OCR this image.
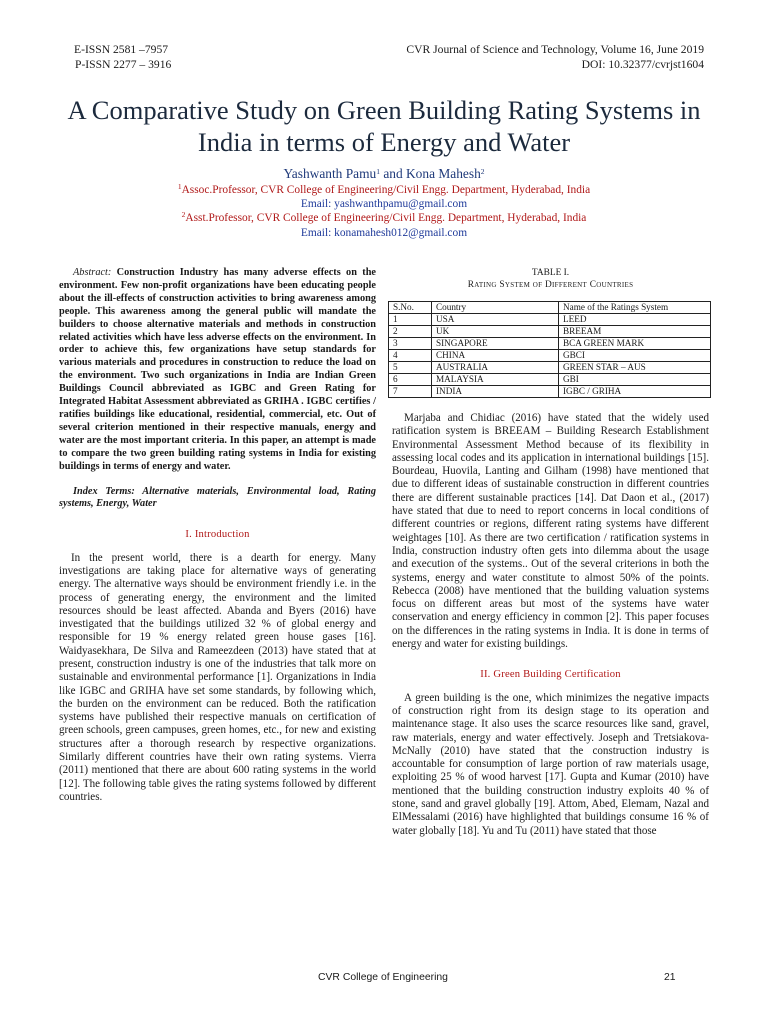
E-ISSN 2581 –7957
P-ISSN 2277 – 3916
CVR Journal of Science and Technology, Volume 16, June 2019
DOI: 10.32377/cvrjst1604
A Comparative Study on Green Building Rating Systems in India in terms of Energy and Water
Yashwanth Pamu$^1$ and Kona Mahesh$^2$
$^1$Assoc.Professor, CVR College of Engineering/Civil Engg. Department, Hyderabad, India
Email: yashwanthpamu@gmail.com
$^2$Asst.Professor, CVR College of Engineering/Civil Engg. Department, Hyderabad, India
Email: konamahesh012@gmail.com

Abstract: Construction Industry has many adverse effects on the environment. Few non-profit organizations have been educating people about the ill-effects of construction activities to bring awareness among people. This awareness among the general public will mandate the builders to choose alternative materials and methods in construction related activities which have less adverse effects on the environment. In order to achieve this, few organizations have setup standards for various materials and procedures in construction to reduce the load on the environment. Two such organizations in India are Indian Green Buildings Council abbreviated as IGBC and Green Rating for Integrated Habitat Assessment abbreviated as GRIHA . IGBC certifies / ratifies buildings like educational, residential, commercial, etc. Out of several criterion mentioned in their respective manuals, energy and water are the most important criteria. In this paper, an attempt is made to compare the two green building rating systems in India for existing buildings in terms of energy and water.

Index Terms: Alternative materials, Environmental load, Rating systems, Energy, Water

I. Introduction

In the present world, there is a dearth for energy. Many investigations are taking place for alternative ways of generating energy. The alternative ways should be environment friendly i.e. in the process of generating energy, the environment and the limited resources should be least affected. Abanda and Byers (2016) have investigated that the buildings utilized 32 % of global energy and responsible for 19 % energy related green house gases [16]. Waidyasekhara, De Silva and Rameezdeen (2013) have stated that at present, construction industry is one of the industries that talk more on sustainable and environmental performance [1]. Organizations in India like IGBC and GRIHA have set some standards, by following which, the burden on the environment can be reduced. Both the ratification systems have published their respective manuals on certification of green schools, green campuses, green homes, etc., for new and existing structures after a thorough research by respective organizations. Similarly different countries have their own rating systems. Vierra (2011) mentioned that there are about 600 rating systems in the world [12]. The following table gives the rating systems followed by different countries.

TABLE I.

Rating System of Different Countries

S.No.	Country	Name of the Ratings System
1	USA	LEED
2	UK	BREEAM
3	SINGAPORE	BCA GREEN MARK
4	CHINA	GBCI
5	AUSTRALIA	GREEN STAR – AUS
6	MALAYSIA	GBI
7	INDIA	IGBC / GRIHA

Marjaba and Chidiac (2016) have stated that the widely used ratification system is BREEAM – Building Research Establishment Environmental Assessment Method because of its flexibility in assessing local codes and its application in international buildings [15]. Bourdeau, Huovila, Lanting and Gilham (1998) have mentioned that due to different ideas of sustainable construction in different countries there are different sustainable practices [14]. Dat Daon et al., (2017) have stated that due to need to report concerns in local conditions of different countries or regions, different rating systems have different weightages [10]. As there are two certification / ratification systems in India, construction industry often gets into dilemma about the usage and execution of the systems.. Out of the several criterions in both the systems, energy and water constitute to almost 50% of the points. Rebecca (2008) have mentioned that the building valuation systems focus on different areas but most of the systems have water conservation and energy efficiency in common [2]. This paper focuses on the differences in the rating systems in India. It is done in terms of energy and water for existing buildings.

II. Green Building Certification

A green building is the one, which minimizes the negative impacts of construction right from its design stage to its operation and maintenance stage. It also uses the scarce resources like sand, gravel, raw materials, energy and water effectively. Joseph and Tretsiakova-McNally (2010) have stated that the construction industry is accountable for consumption of large portion of raw materials usage, exploiting 25 % of wood harvest [17]. Gupta and Kumar (2010) have mentioned that the building construction industry exploits 40 % of stone, sand and gravel globally [19]. Attom, Abed, Elemam, Nazal and ElMessalami (2016) have highlighted that buildings consume 16 % of water globally [18]. Yu and Tu (2011) have stated that those

CVR College of Engineering	21
